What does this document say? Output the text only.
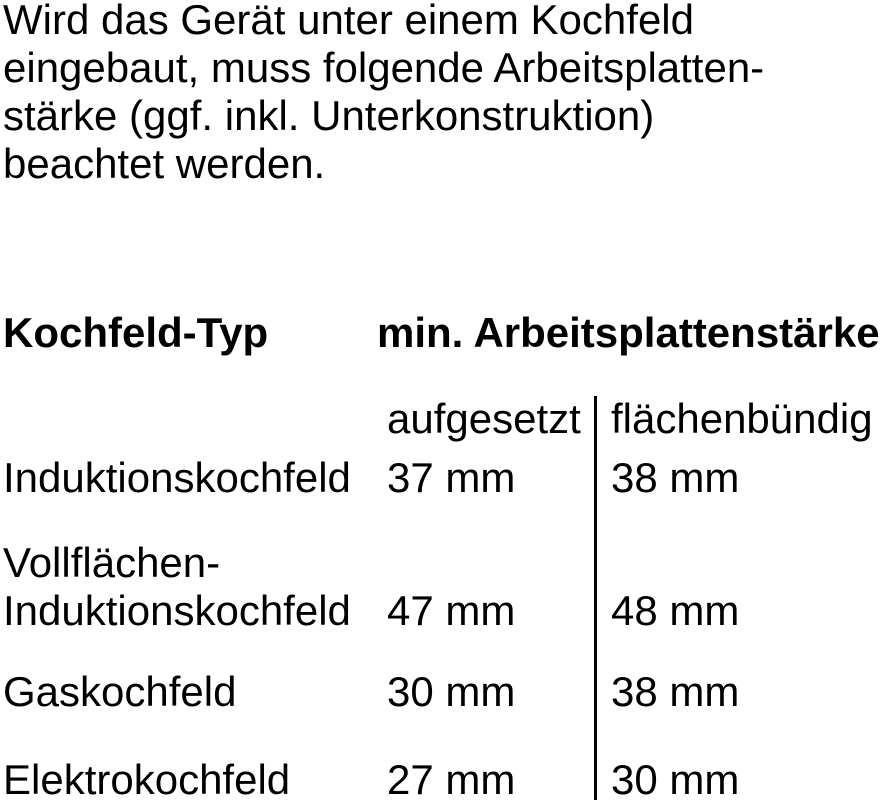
Wird das Gerät unter einem Kochfeld
eingebaut, muss folgende Arbeitsplatten-
stärke (ggf. inkl. Unterkonstruktion)
beachtet werden.

Kochfeld-Typ	min. Arbeitsplattenstärke
aufgesetzt flächenbündig
Induktionskochfeld 37 mm 38 mm
Vollflächen-
Induktionskochfeld 47 mm 48 mm
Gaskochfeld	30 mm 38 mm
Elektrokochfeld 27 mm 30 mm
